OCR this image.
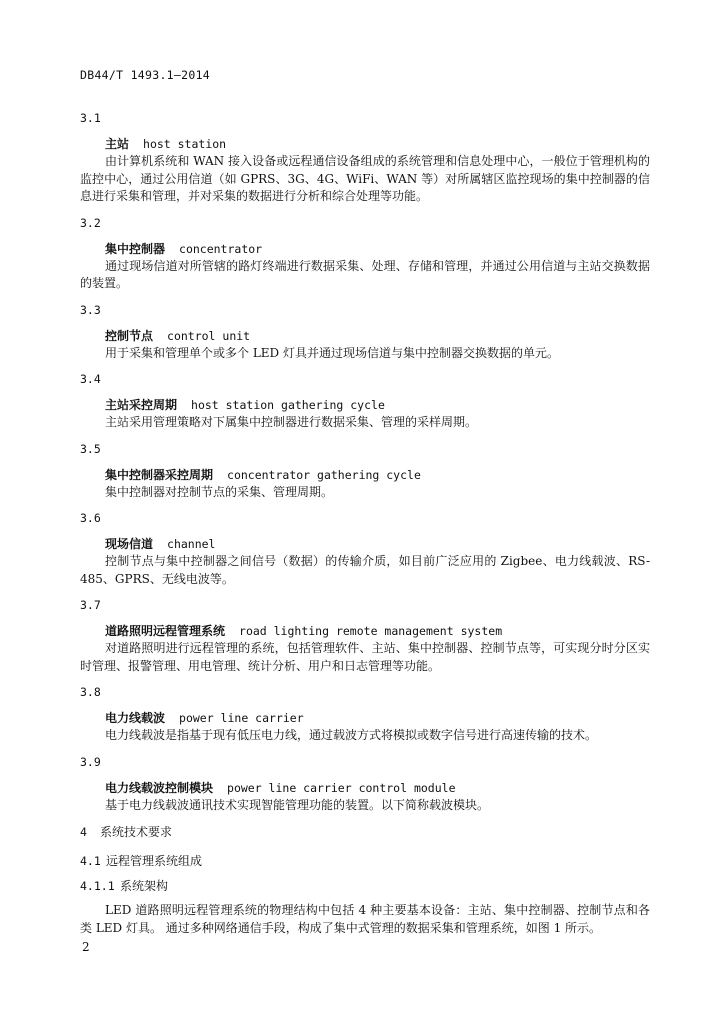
DB44/T 1493.1—2014
3.1
主站 host station
由计算机系统和 WAN 接入设备或远程通信设备组成的系统管理和信息处理中心，一般位于管理机构的监控中心，通过公用信道（如 GPRS、3G、4G、WiFi、WAN 等）对所属辖区监控现场的集中控制器的信息进行采集和管理，并对采集的数据进行分析和综合处理等功能。
3.2
集中控制器 concentrator
通过现场信道对所管辖的路灯终端进行数据采集、处理、存储和管理，并通过公用信道与主站交换数据的装置。
3.3
控制节点 control unit
用于采集和管理单个或多个 LED 灯具并通过现场信道与集中控制器交换数据的单元。
3.4
主站采控周期 host station gathering cycle
主站采用管理策略对下属集中控制器进行数据采集、管理的采样周期。
3.5
集中控制器采控周期 concentrator gathering cycle
集中控制器对控制节点的采集、管理周期。
3.6
现场信道 channel
控制节点与集中控制器之间信号（数据）的传输介质，如目前广泛应用的 Zigbee、电力线载波、RS-485、GPRS、无线电波等。
3.7
道路照明远程管理系统 road lighting remote management system
对道路照明进行远程管理的系统，包括管理软件、主站、集中控制器、控制节点等，可实现分时分区实时管理、报警管理、用电管理、统计分析、用户和日志管理等功能。
3.8
电力线载波 power line carrier
电力线载波是指基于现有低压电力线，通过载波方式将模拟或数字信号进行高速传输的技术。
3.9
电力线载波控制模块 power line carrier control module
基于电力线载波通讯技术实现智能管理功能的装置。以下简称载波模块。
4 系统技术要求
4.1 远程管理系统组成
4.1.1 系统架构
LED 道路照明远程管理系统的物理结构中包括 4 种主要基本设备：主站、集中控制器、控制节点和各类 LED 灯具。 通过多种网络通信手段，构成了集中式管理的数据采集和管理系统，如图 1 所示。
2
